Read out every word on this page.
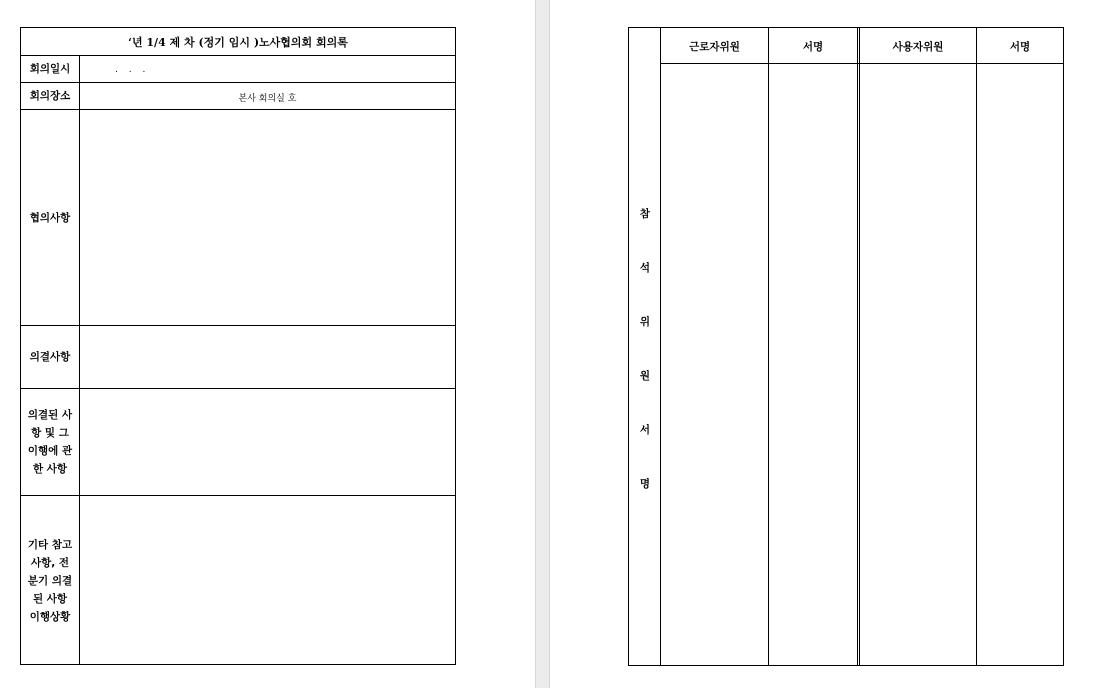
‘년 1/4 제 차 (정기 임시 )노사협의회 회의록
회의일시	. . .
회의장소	본사 회의실 호
협의사항
의결사항
의결된 사항 및 그 이행에 관한 사항
기타 참고사항, 전분기 의결된 사항 이행상황
근로자위원	서명	사용자위원	서명
참
석
위
원
서
명
